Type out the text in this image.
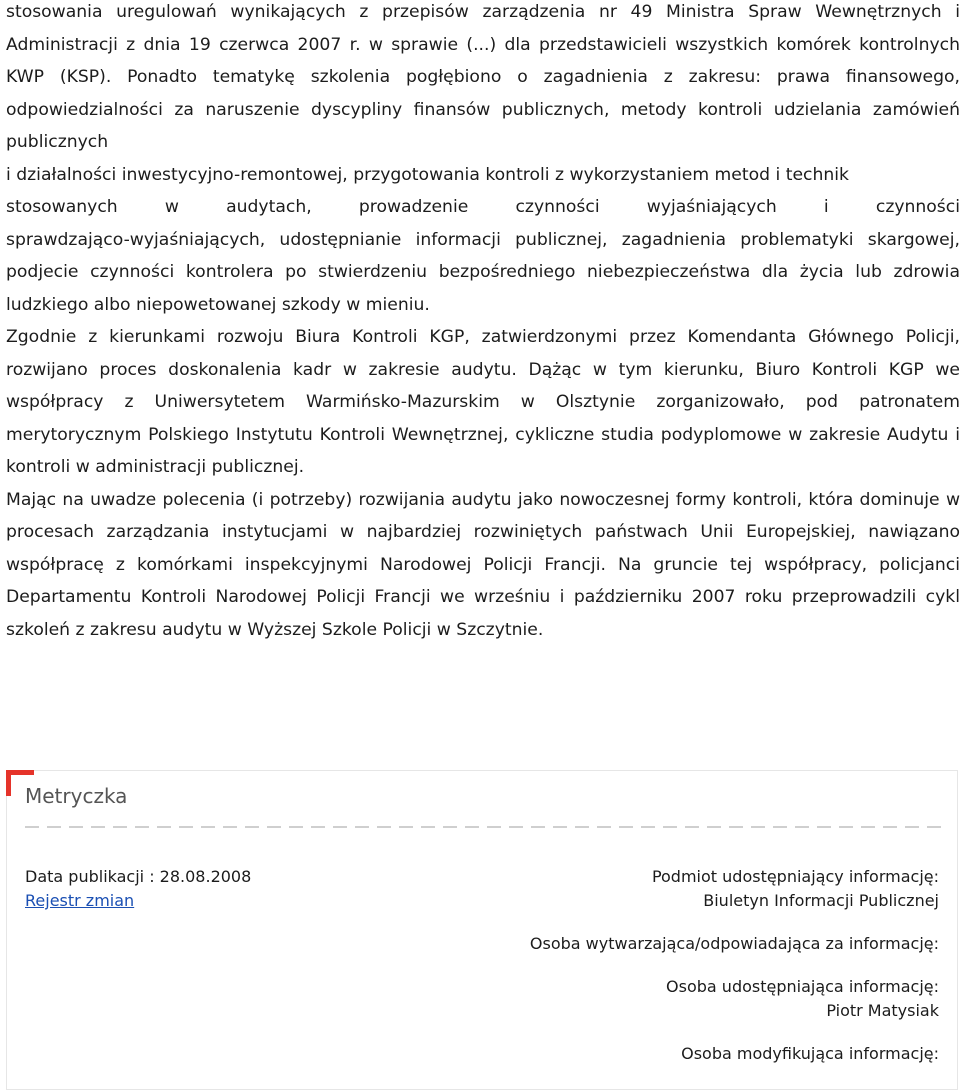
stosowania uregulowań wynikających z przepisów zarządzenia nr 49 Ministra Spraw Wewnętrznych i Administracji z dnia 19 czerwca 2007 r. w sprawie (...) dla przedstawicieli wszystkich komórek kontrolnych KWP (KSP). Ponadto tematykę szkolenia pogłębiono o zagadnienia z zakresu: prawa finansowego, odpowiedzialności za naruszenie dyscypliny finansów publicznych, metody kontroli udzielania zamówień publicznych

i działalności inwestycyjno-remontowej, przygotowania kontroli z wykorzystaniem metod i technik

stosowanych w audytach, prowadzenie czynności wyjaśniających i czynności

sprawdzająco-wyjaśniających, udostępnianie informacji publicznej, zagadnienia problematyki skargowej, podjecie czynności kontrolera po stwierdzeniu bezpośredniego niebezpieczeństwa dla życia lub zdrowia ludzkiego albo niepowetowanej szkody w mieniu.

Zgodnie z kierunkami rozwoju Biura Kontroli KGP, zatwierdzonymi przez Komendanta Głównego Policji, rozwijano proces doskonalenia kadr w zakresie audytu. Dążąc w tym kierunku, Biuro Kontroli KGP we współpracy z Uniwersytetem Warmińsko-Mazurskim w Olsztynie zorganizowało, pod patronatem merytorycznym Polskiego Instytutu Kontroli Wewnętrznej, cykliczne studia podyplomowe w zakresie Audytu i kontroli w administracji publicznej.

Mając na uwadze polecenia (i potrzeby) rozwijania audytu jako nowoczesnej formy kontroli, która dominuje w procesach zarządzania instytucjami w najbardziej rozwiniętych państwach Unii Europejskiej, nawiązano współpracę z komórkami inspekcyjnymi Narodowej Policji Francji. Na gruncie tej współpracy, policjanci Departamentu Kontroli Narodowej Policji Francji we wrześniu i październiku 2007 roku przeprowadzili cykl szkoleń z zakresu audytu w Wyższej Szkole Policji w Szczytnie.

Metryczka
Data publikacji : 28.08.2008
Rejestr zmian
Podmiot udostępniający informację:
Biuletyn Informacji Publicznej
Osoba wytwarzająca/odpowiadająca za informację:
Osoba udostępniająca informację:
Piotr Matysiak
Osoba modyfikująca informację:
